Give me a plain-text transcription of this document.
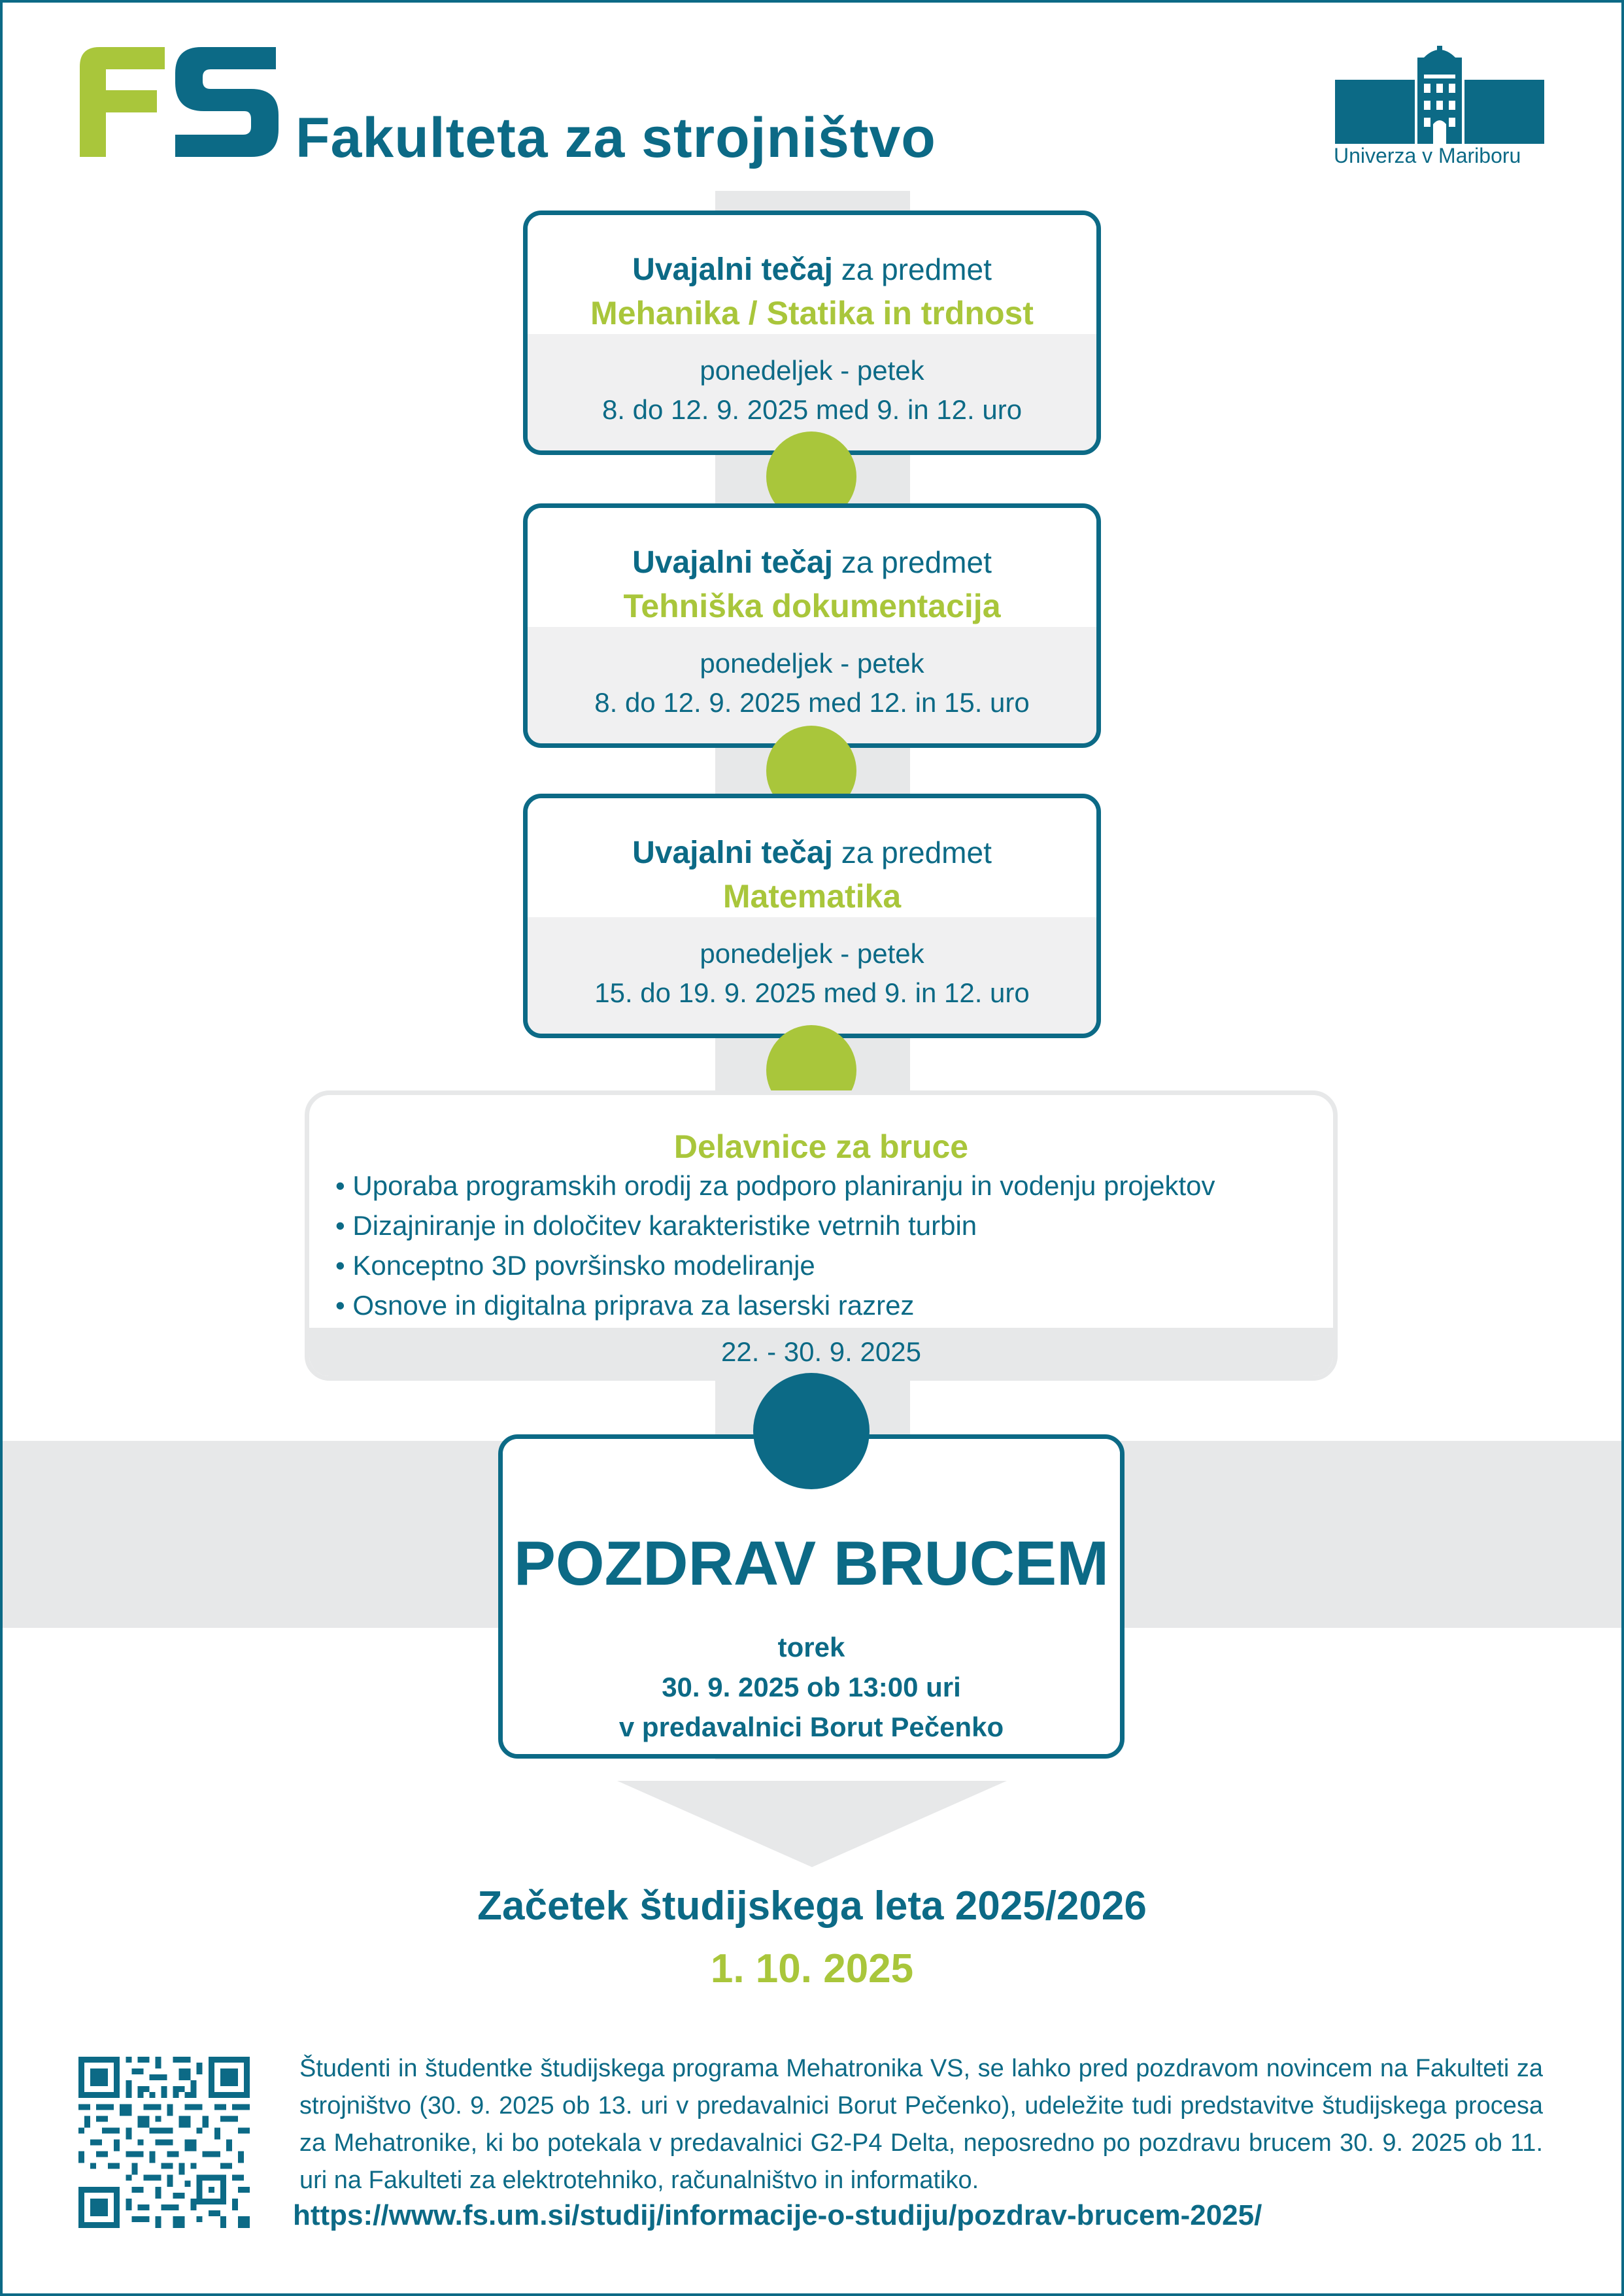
Fakulteta za strojništvo	Univerza v Mariboru
Uvajalni tečaj za predmet
Mehanika / Statika in trdnost
ponedeljek - petek
8. do 12. 9. 2025 med 9. in 12. uro
Uvajalni tečaj za predmet
Tehniška dokumentacija
ponedeljek - petek
8. do 12. 9. 2025 med 12. in 15. uro
Uvajalni tečaj za predmet
Matematika
ponedeljek - petek
15. do 19. 9. 2025 med 9. in 12. uro
Delavnice za bruce
• Uporaba programskih orodij za podporo planiranju in vodenju projektov
• Dizajniranje in določitev karakteristike vetrnih turbin
• Konceptno 3D površinsko modeliranje
• Osnove in digitalna priprava za laserski razrez
22. - 30. 9. 2025
POZDRAV BRUCEM
torek
30. 9. 2025 ob 13:00 uri
v predavalnici Borut Pečenko
Začetek študijskega leta 2025/2026
1. 10. 2025
Študenti in študentke študijskega programa Mehatronika VS, se lahko pred pozdravom novincem na Fakulteti za strojništvo (30. 9. 2025 ob 13. uri v predavalnici Borut Pečenko), udeležite tudi predstavitve študijskega procesa za Mehatronike, ki bo potekala v predavalnici G2-P4 Delta, neposredno po pozdravu brucem 30. 9. 2025 ob 11. uri na Fakulteti za elektrotehniko, računalništvo in informatiko.
https://www.fs.um.si/studij/informacije-o-studiju/pozdrav-brucem-2025/
